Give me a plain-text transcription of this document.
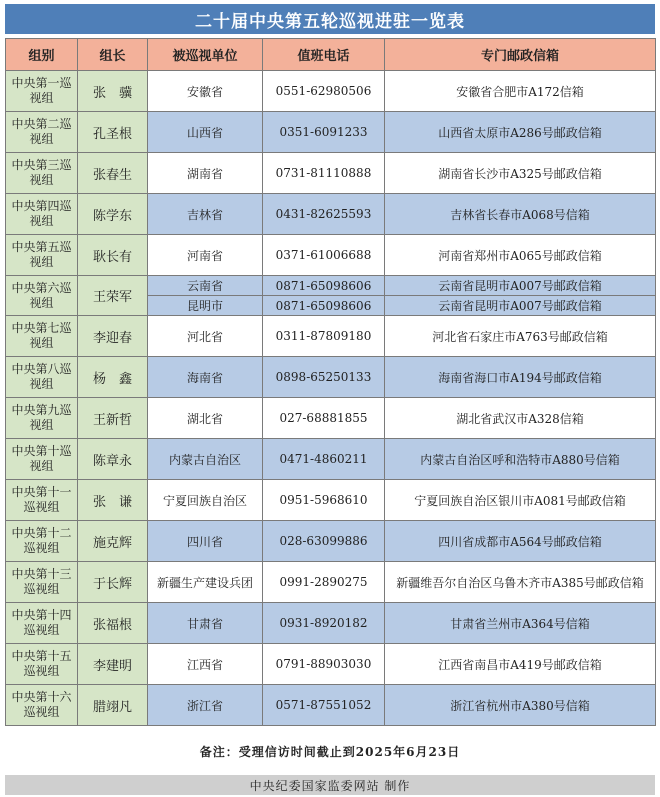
二十届中央第五轮巡视进驻一览表
组别	组长	被巡视单位	值班电话	专门邮政信箱
中央第一巡视组	张　骥	安徽省	0551-62980506	安徽省合肥市A172信箱
中央第二巡视组	孔圣根	山西省	0351-6091233	山西省太原市A286号邮政信箱
中央第三巡视组	张春生	湖南省	0731-81110888	湖南省长沙市A325号邮政信箱
中央第四巡视组	陈学东	吉林省	0431-82625593	吉林省长春市A068号信箱
中央第五巡视组	耿长有	河南省	0371-61006688	河南省郑州市A065号邮政信箱
中央第六巡视组	王荣军	云南省	0871-65098606	云南省昆明市A007号邮政信箱
		昆明市	0871-65098606	云南省昆明市A007号邮政信箱
中央第七巡视组	李迎春	河北省	0311-87809180	河北省石家庄市A763号邮政信箱
中央第八巡视组	杨　鑫	海南省	0898-65250133	海南省海口市A194号邮政信箱
中央第九巡视组	王新哲	湖北省	027-68881855	湖北省武汉市A328信箱
中央第十巡视组	陈章永	内蒙古自治区	0471-4860211	内蒙古自治区呼和浩特市A880号信箱
中央第十一巡视组	张　谦	宁夏回族自治区	0951-5968610	宁夏回族自治区银川市A081号邮政信箱
中央第十二巡视组	施克辉	四川省	028-63099886	四川省成都市A564号邮政信箱
中央第十三巡视组	于长辉	新疆生产建设兵团	0991-2890275	新疆维吾尔自治区乌鲁木齐市A385号邮政信箱
中央第十四巡视组	张福根	甘肃省	0931-8920182	甘肃省兰州市A364号信箱
中央第十五巡视组	李建明	江西省	0791-88903030	江西省南昌市A419号邮政信箱
中央第十六巡视组	腊翊凡	浙江省	0571-87551052	浙江省杭州市A380号信箱
备注：受理信访时间截止到2025年6月23日
中央纪委国家监委网站 制作
